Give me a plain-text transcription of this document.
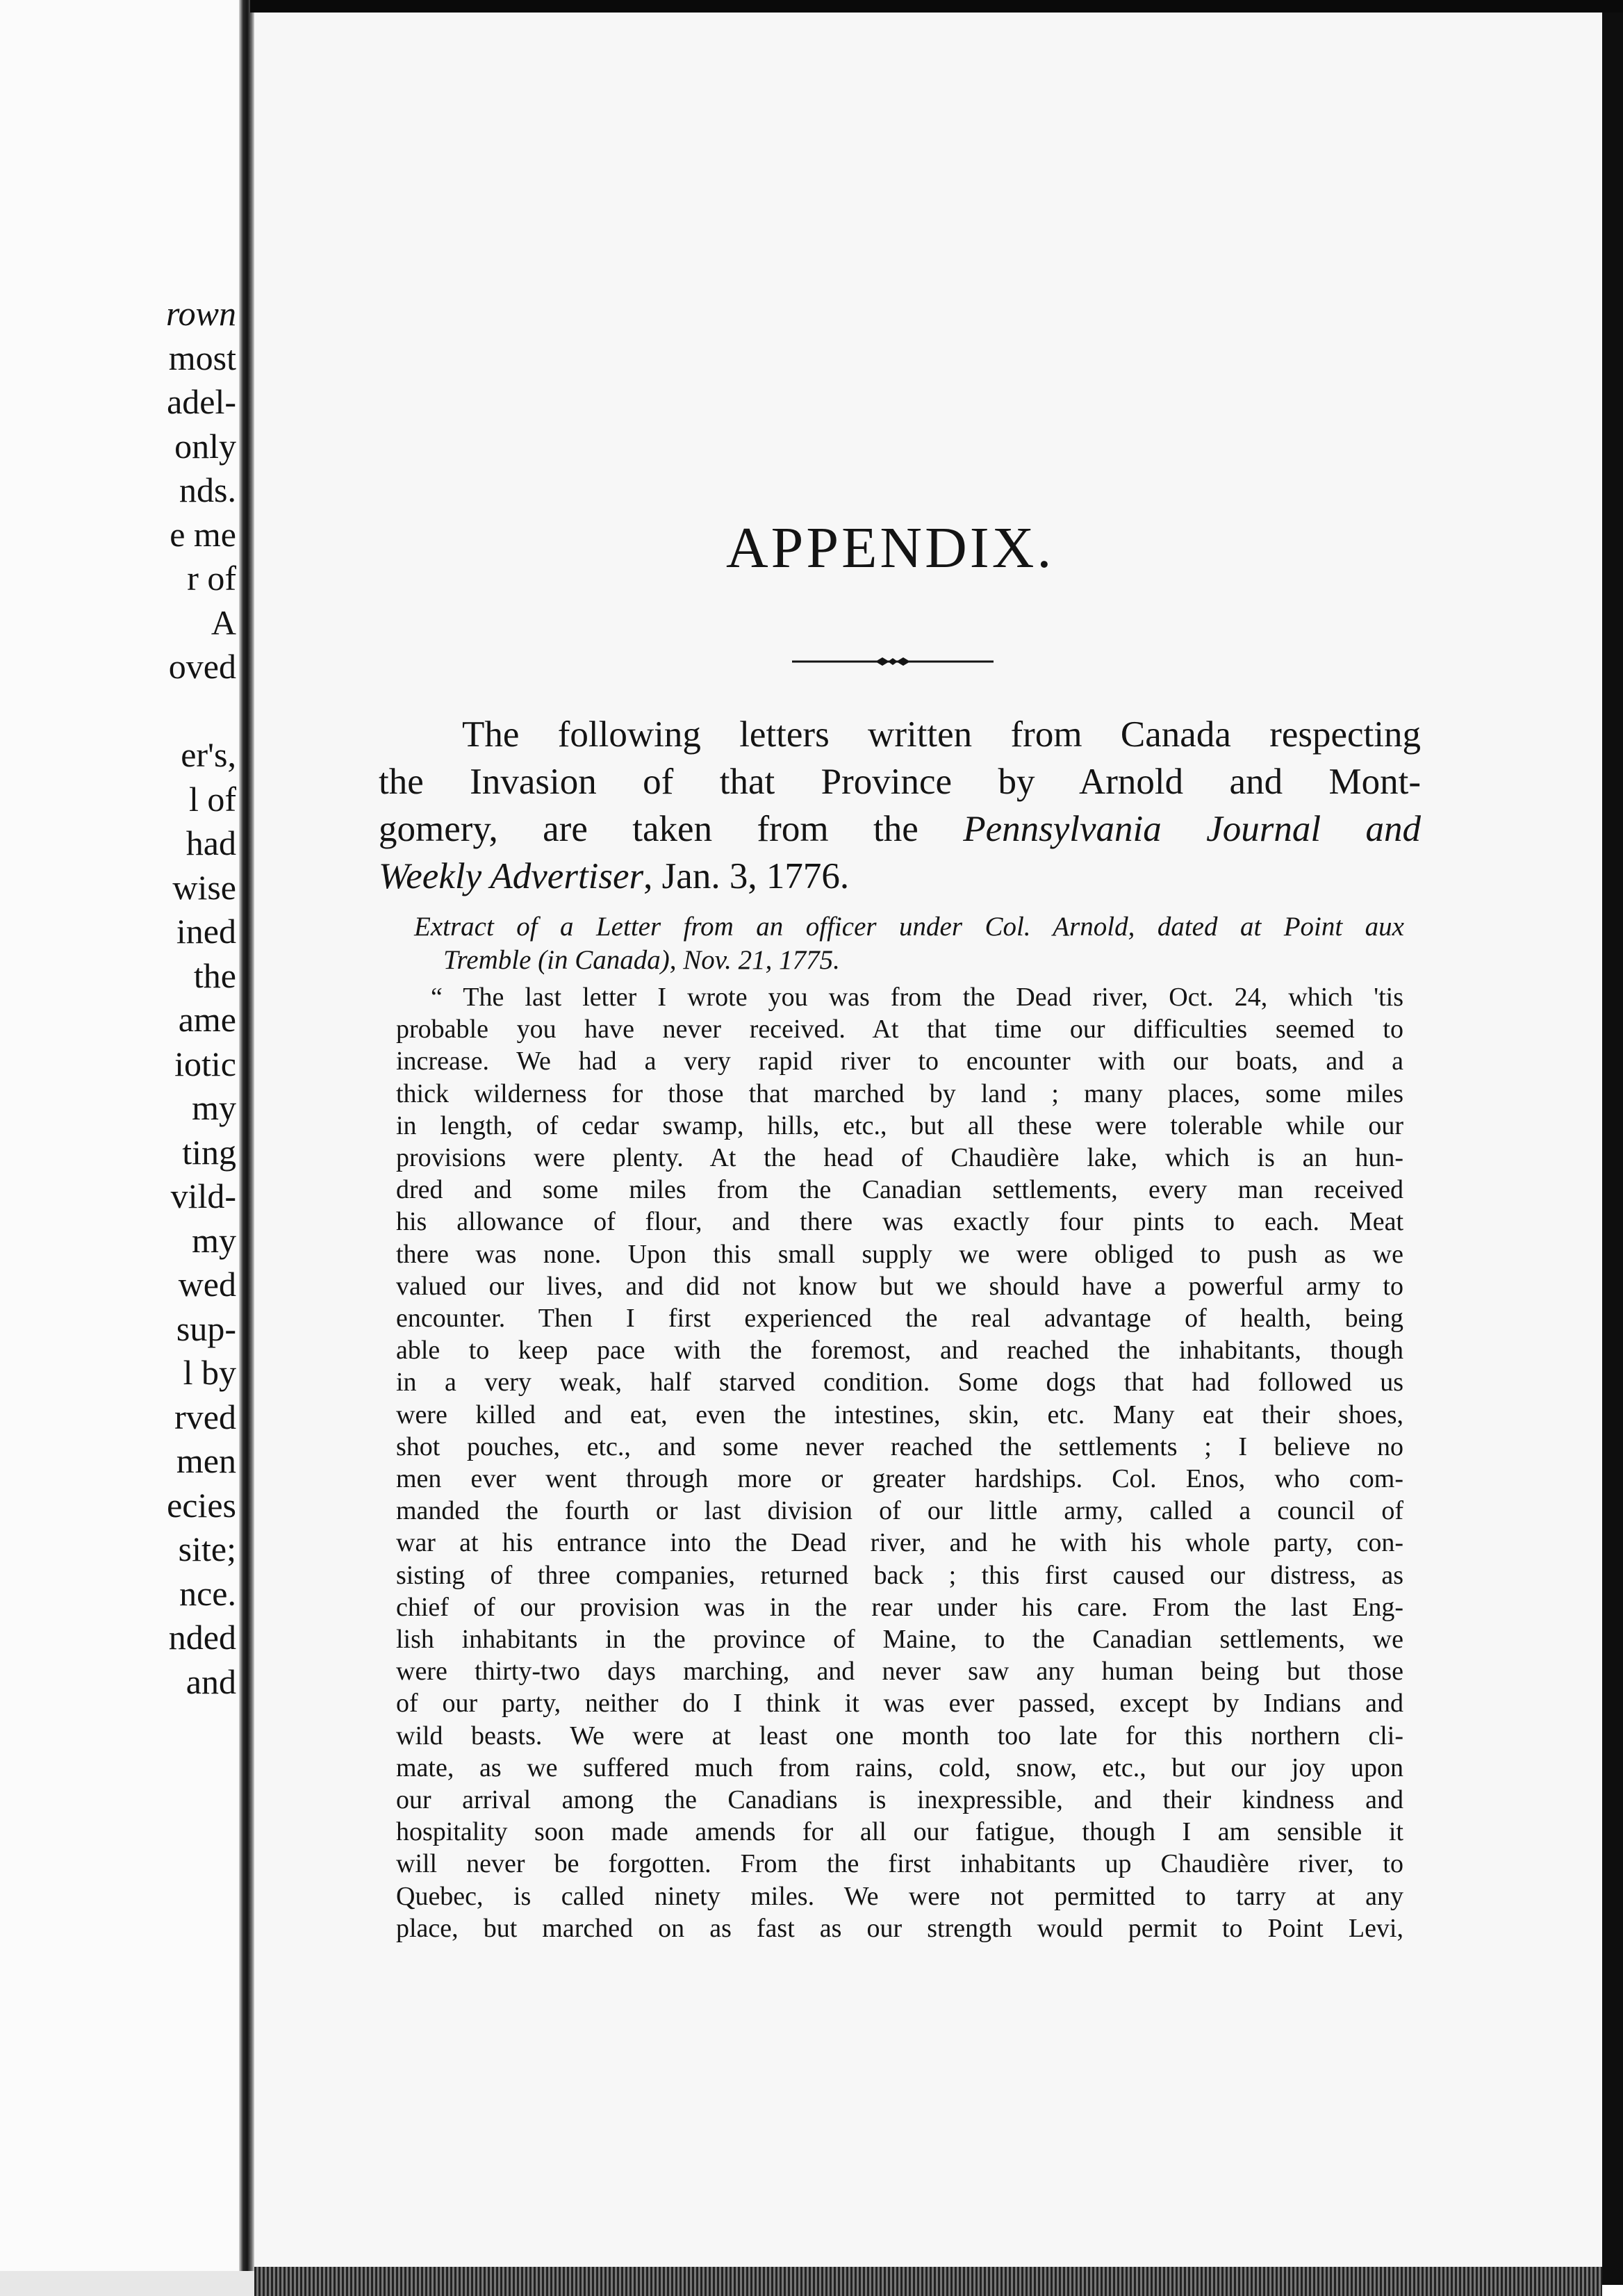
rown
most
adel-
only
nds.
e me
r of
A
oved

er's,
l of
had
wise
ined
the
ame
iotic
my
ting
vild-
my
wed
sup-
l by
rved
men
ecies
site;
nce.
nded
and
APPENDIX.
The following letters written from Canada respecting
the Invasion of that Province by Arnold and Mont-
gomery, are taken from the Pennsylvania Journal and
Weekly Advertiser, Jan. 3, 1776.
Extract of a Letter from an officer under Col. Arnold, dated at Point aux
Tremble (in Canada), Nov. 21, 1775.
“ The last letter I wrote you was from the Dead river, Oct. 24, which 'tis
probable you have never received. At that time our difficulties seemed to
increase. We had a very rapid river to encounter with our boats, and a
thick wilderness for those that marched by land ; many places, some miles
in length, of cedar swamp, hills, etc., but all these were tolerable while our
provisions were plenty. At the head of Chaudière lake, which is an hun-
dred and some miles from the Canadian settlements, every man received
his allowance of flour, and there was exactly four pints to each. Meat
there was none. Upon this small supply we were obliged to push as we
valued our lives, and did not know but we should have a powerful army to
encounter. Then I first experienced the real advantage of health, being
able to keep pace with the foremost, and reached the inhabitants, though
in a very weak, half starved condition. Some dogs that had followed us
were killed and eat, even the intestines, skin, etc. Many eat their shoes,
shot pouches, etc., and some never reached the settlements ; I believe no
men ever went through more or greater hardships. Col. Enos, who com-
manded the fourth or last division of our little army, called a council of
war at his entrance into the Dead river, and he with his whole party, con-
sisting of three companies, returned back ; this first caused our distress, as
chief of our provision was in the rear under his care. From the last Eng-
lish inhabitants in the province of Maine, to the Canadian settlements, we
were thirty-two days marching, and never saw any human being but those
of our party, neither do I think it was ever passed, except by Indians and
wild beasts. We were at least one month too late for this northern cli-
mate, as we suffered much from rains, cold, snow, etc., but our joy upon
our arrival among the Canadians is inexpressible, and their kindness and
hospitality soon made amends for all our fatigue, though I am sensible it
will never be forgotten. From the first inhabitants up Chaudière river, to
Quebec, is called ninety miles. We were not permitted to tarry at any
place, but marched on as fast as our strength would permit to Point Levi,
